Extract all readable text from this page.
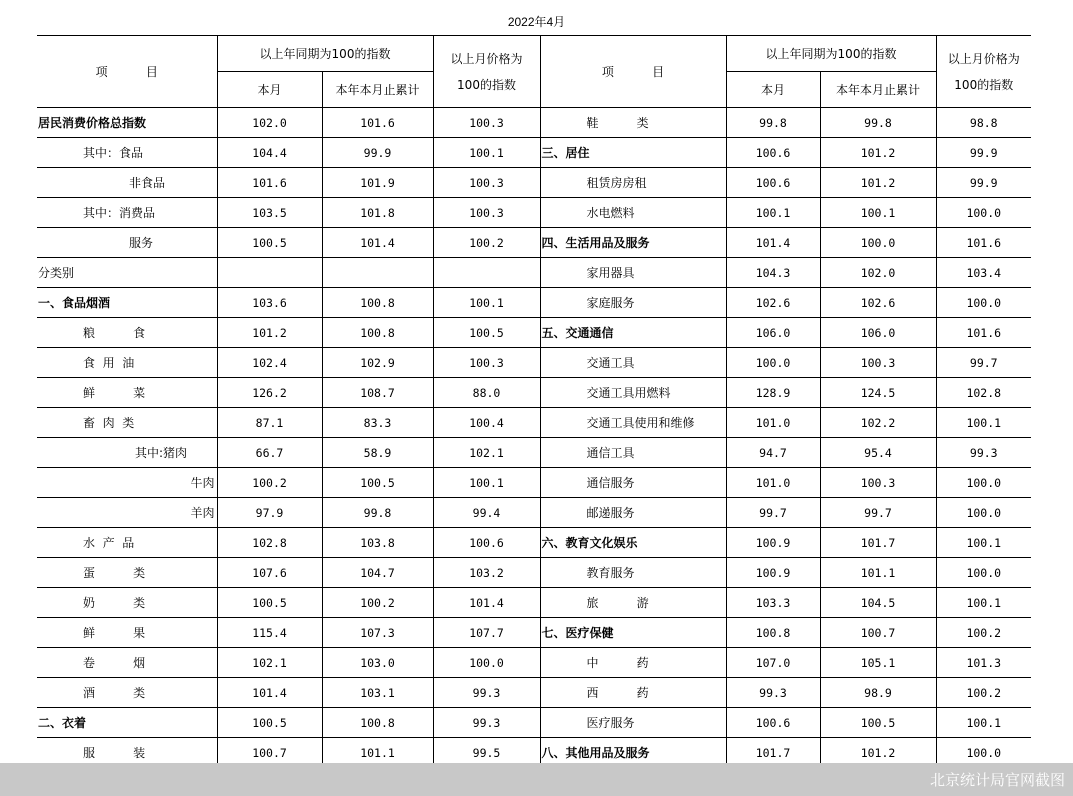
2022年4月
项          目	以上年同期为100的指数		以上月价格为100的指数	项          目	以上年同期为100的指数		以上月价格为100的指数
	本月	本年本月止累计			本月	本年本月止累计	
居民消费价格总指数	102.0	101.6	100.3	鞋          类	99.8	99.8	98.8
其中：食品	104.4	99.9	100.1	三、居住	100.6	101.2	99.9
非食品	101.6	101.9	100.3	租赁房房租	100.6	101.2	99.9
其中：消费品	103.5	101.8	100.3	水电燃料	100.1	100.1	100.0
服务	100.5	101.4	100.2	四、生活用品及服务	101.4	100.0	101.6
分类别				家用器具	104.3	102.0	103.4
一、食品烟酒	103.6	100.8	100.1	家庭服务	102.6	102.6	100.0
粮          食	101.2	100.8	100.5	五、交通通信	106.0	106.0	101.6
食  用  油	102.4	102.9	100.3	交通工具	100.0	100.3	99.7
鲜          菜	126.2	108.7	88.0	交通工具用燃料	128.9	124.5	102.8
畜  肉  类	87.1	83.3	100.4	交通工具使用和维修	101.0	102.2	100.1
其中:猪肉	66.7	58.9	102.1	通信工具	94.7	95.4	99.3
牛肉	100.2	100.5	100.1	通信服务	101.0	100.3	100.0
羊肉	97.9	99.8	99.4	邮递服务	99.7	99.7	100.0
水  产  品	102.8	103.8	100.6	六、教育文化娱乐	100.9	101.7	100.1
蛋          类	107.6	104.7	103.2	教育服务	100.9	101.1	100.0
奶          类	100.5	100.2	101.4	旅          游	103.3	104.5	100.1
鲜          果	115.4	107.3	107.7	七、医疗保健	100.8	100.7	100.2
卷          烟	102.1	103.0	100.0	中          药	107.0	105.1	101.3
酒          类	101.4	103.1	99.3	西          药	99.3	98.9	100.2
二、衣着	100.5	100.8	99.3	医疗服务	100.6	100.5	100.1
服          装	100.7	101.1	99.5	八、其他用品及服务	101.7	101.2	100.0
北京统计局官网截图
